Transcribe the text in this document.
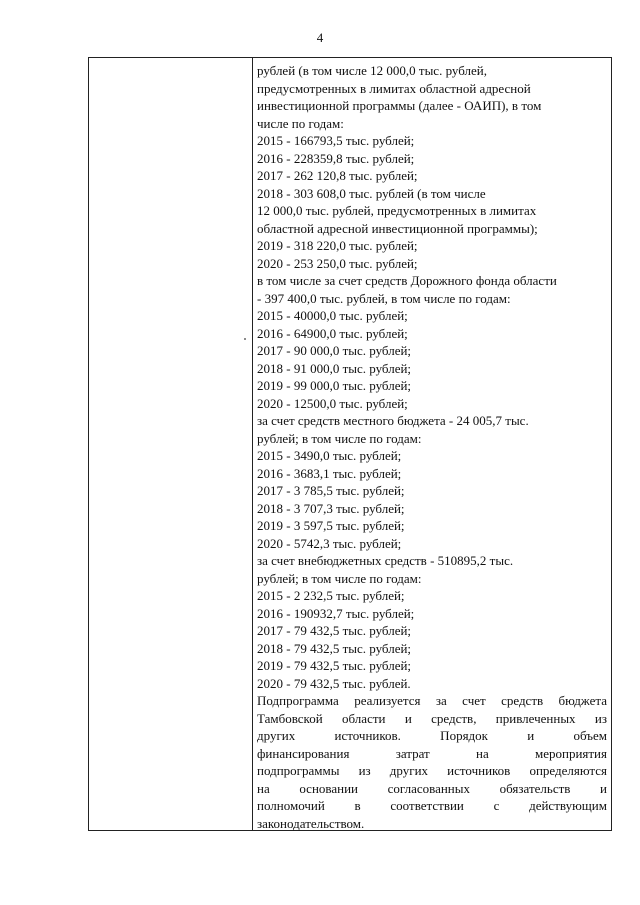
4
рублей (в том числе 12 000,0 тыс. рублей,
предусмотренных в лимитах областной адресной
инвестиционной программы (далее - ОАИП), в том
числе по годам:
2015 - 166793,5 тыс. рублей;
2016 - 228359,8 тыс. рублей;
2017 - 262 120,8 тыс. рублей;
2018 - 303 608,0 тыс. рублей (в том числе
12 000,0 тыс. рублей, предусмотренных в лимитах
областной адресной инвестиционной программы);
2019 - 318 220,0 тыс. рублей;
2020 - 253 250,0 тыс. рублей;
в том числе за счет средств Дорожного фонда области
- 397 400,0 тыс. рублей, в том числе по годам:
2015 - 40000,0 тыс. рублей;
2016 - 64900,0 тыс. рублей;
2017 - 90 000,0 тыс. рублей;
2018 - 91 000,0 тыс. рублей;
2019 - 99 000,0 тыс. рублей;
2020 - 12500,0 тыс. рублей;
за счет средств местного бюджета - 24 005,7 тыс.
рублей; в том числе по годам:
2015 - 3490,0 тыс. рублей;
2016 - 3683,1 тыс. рублей;
2017 - 3 785,5 тыс. рублей;
2018 - 3 707,3 тыс. рублей;
2019 - 3 597,5 тыс. рублей;
2020 - 5742,3 тыс. рублей;
за счет внебюджетных средств - 510895,2 тыс.
рублей; в том числе по годам:
2015 - 2 232,5 тыс. рублей;
2016 - 190932,7 тыс. рублей;
2017 - 79 432,5 тыс. рублей;
2018 - 79 432,5 тыс. рублей;
2019 - 79 432,5 тыс. рублей;
2020 - 79 432,5 тыс. рублей.
Подпрограмма реализуется за счет средств бюджета
Тамбовской области и средств, привлеченных из
других источников. Порядок и объем
финансирования затрат на мероприятия
подпрограммы из других источников определяются
на основании согласованных обязательств и
полномочий в соответствии с действующим
законодательством.
